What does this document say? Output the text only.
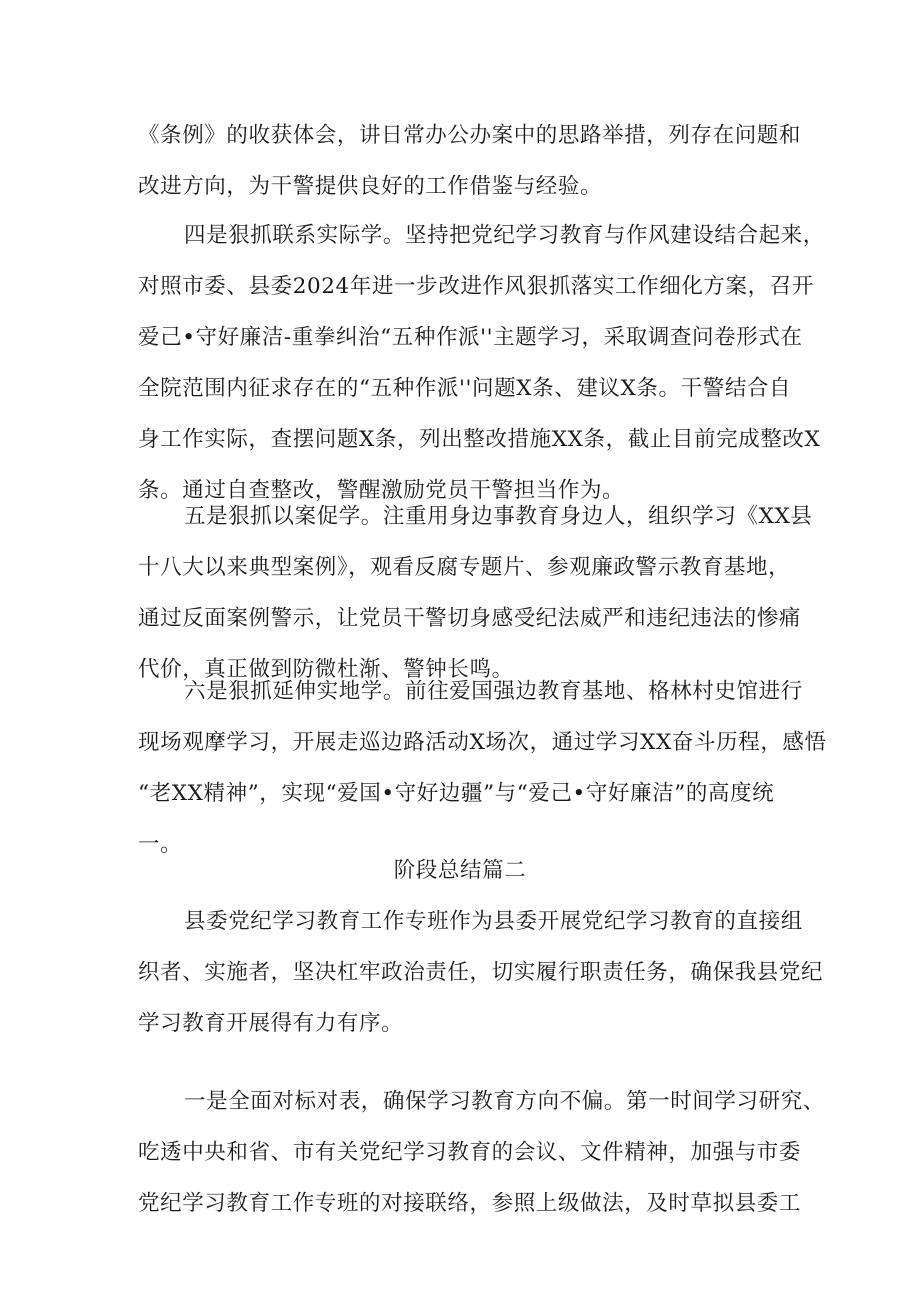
《条例》的收获体会，讲日常办公办案中的思路举措，列存在问题和
改进方向，为干警提供良好的工作借鉴与经验。
四是狠抓联系实际学。坚持把党纪学习教育与作风建设结合起来，
对照市委、县委2024年进一步改进作风狠抓落实工作细化方案，召开
爱己•守好廉洁-重拳纠治“五种作派''主题学习，采取调查问卷形式在
全院范围内征求存在的“五种作派''问题X条、建议X条。干警结合自
身工作实际，查摆问题X条，列出整改措施XX条，截止目前完成整改X
条。通过自查整改，警醒激励党员干警担当作为。
五是狠抓以案促学。注重用身边事教育身边人，组织学习《XX县
十八大以来典型案例》，观看反腐专题片、参观廉政警示教育基地，
通过反面案例警示，让党员干警切身感受纪法威严和违纪违法的惨痛
代价，真正做到防微杜渐、警钟长鸣。
六是狠抓延伸实地学。前往爱国强边教育基地、格林村史馆进行
现场观摩学习，开展走巡边路活动X场次，通过学习XX奋斗历程，感悟
“老XX精神”，实现“爱国•守好边疆”与“爱己•守好廉洁”的高度统
一。
阶段总结篇二
县委党纪学习教育工作专班作为县委开展党纪学习教育的直接组
织者、实施者，坚决杠牢政治责任，切实履行职责任务，确保我县党纪
学习教育开展得有力有序。
一是全面对标对表，确保学习教育方向不偏。第一时间学习研究、
吃透中央和省、市有关党纪学习教育的会议、文件精神，加强与市委
党纪学习教育工作专班的对接联络，参照上级做法，及时草拟县委工
